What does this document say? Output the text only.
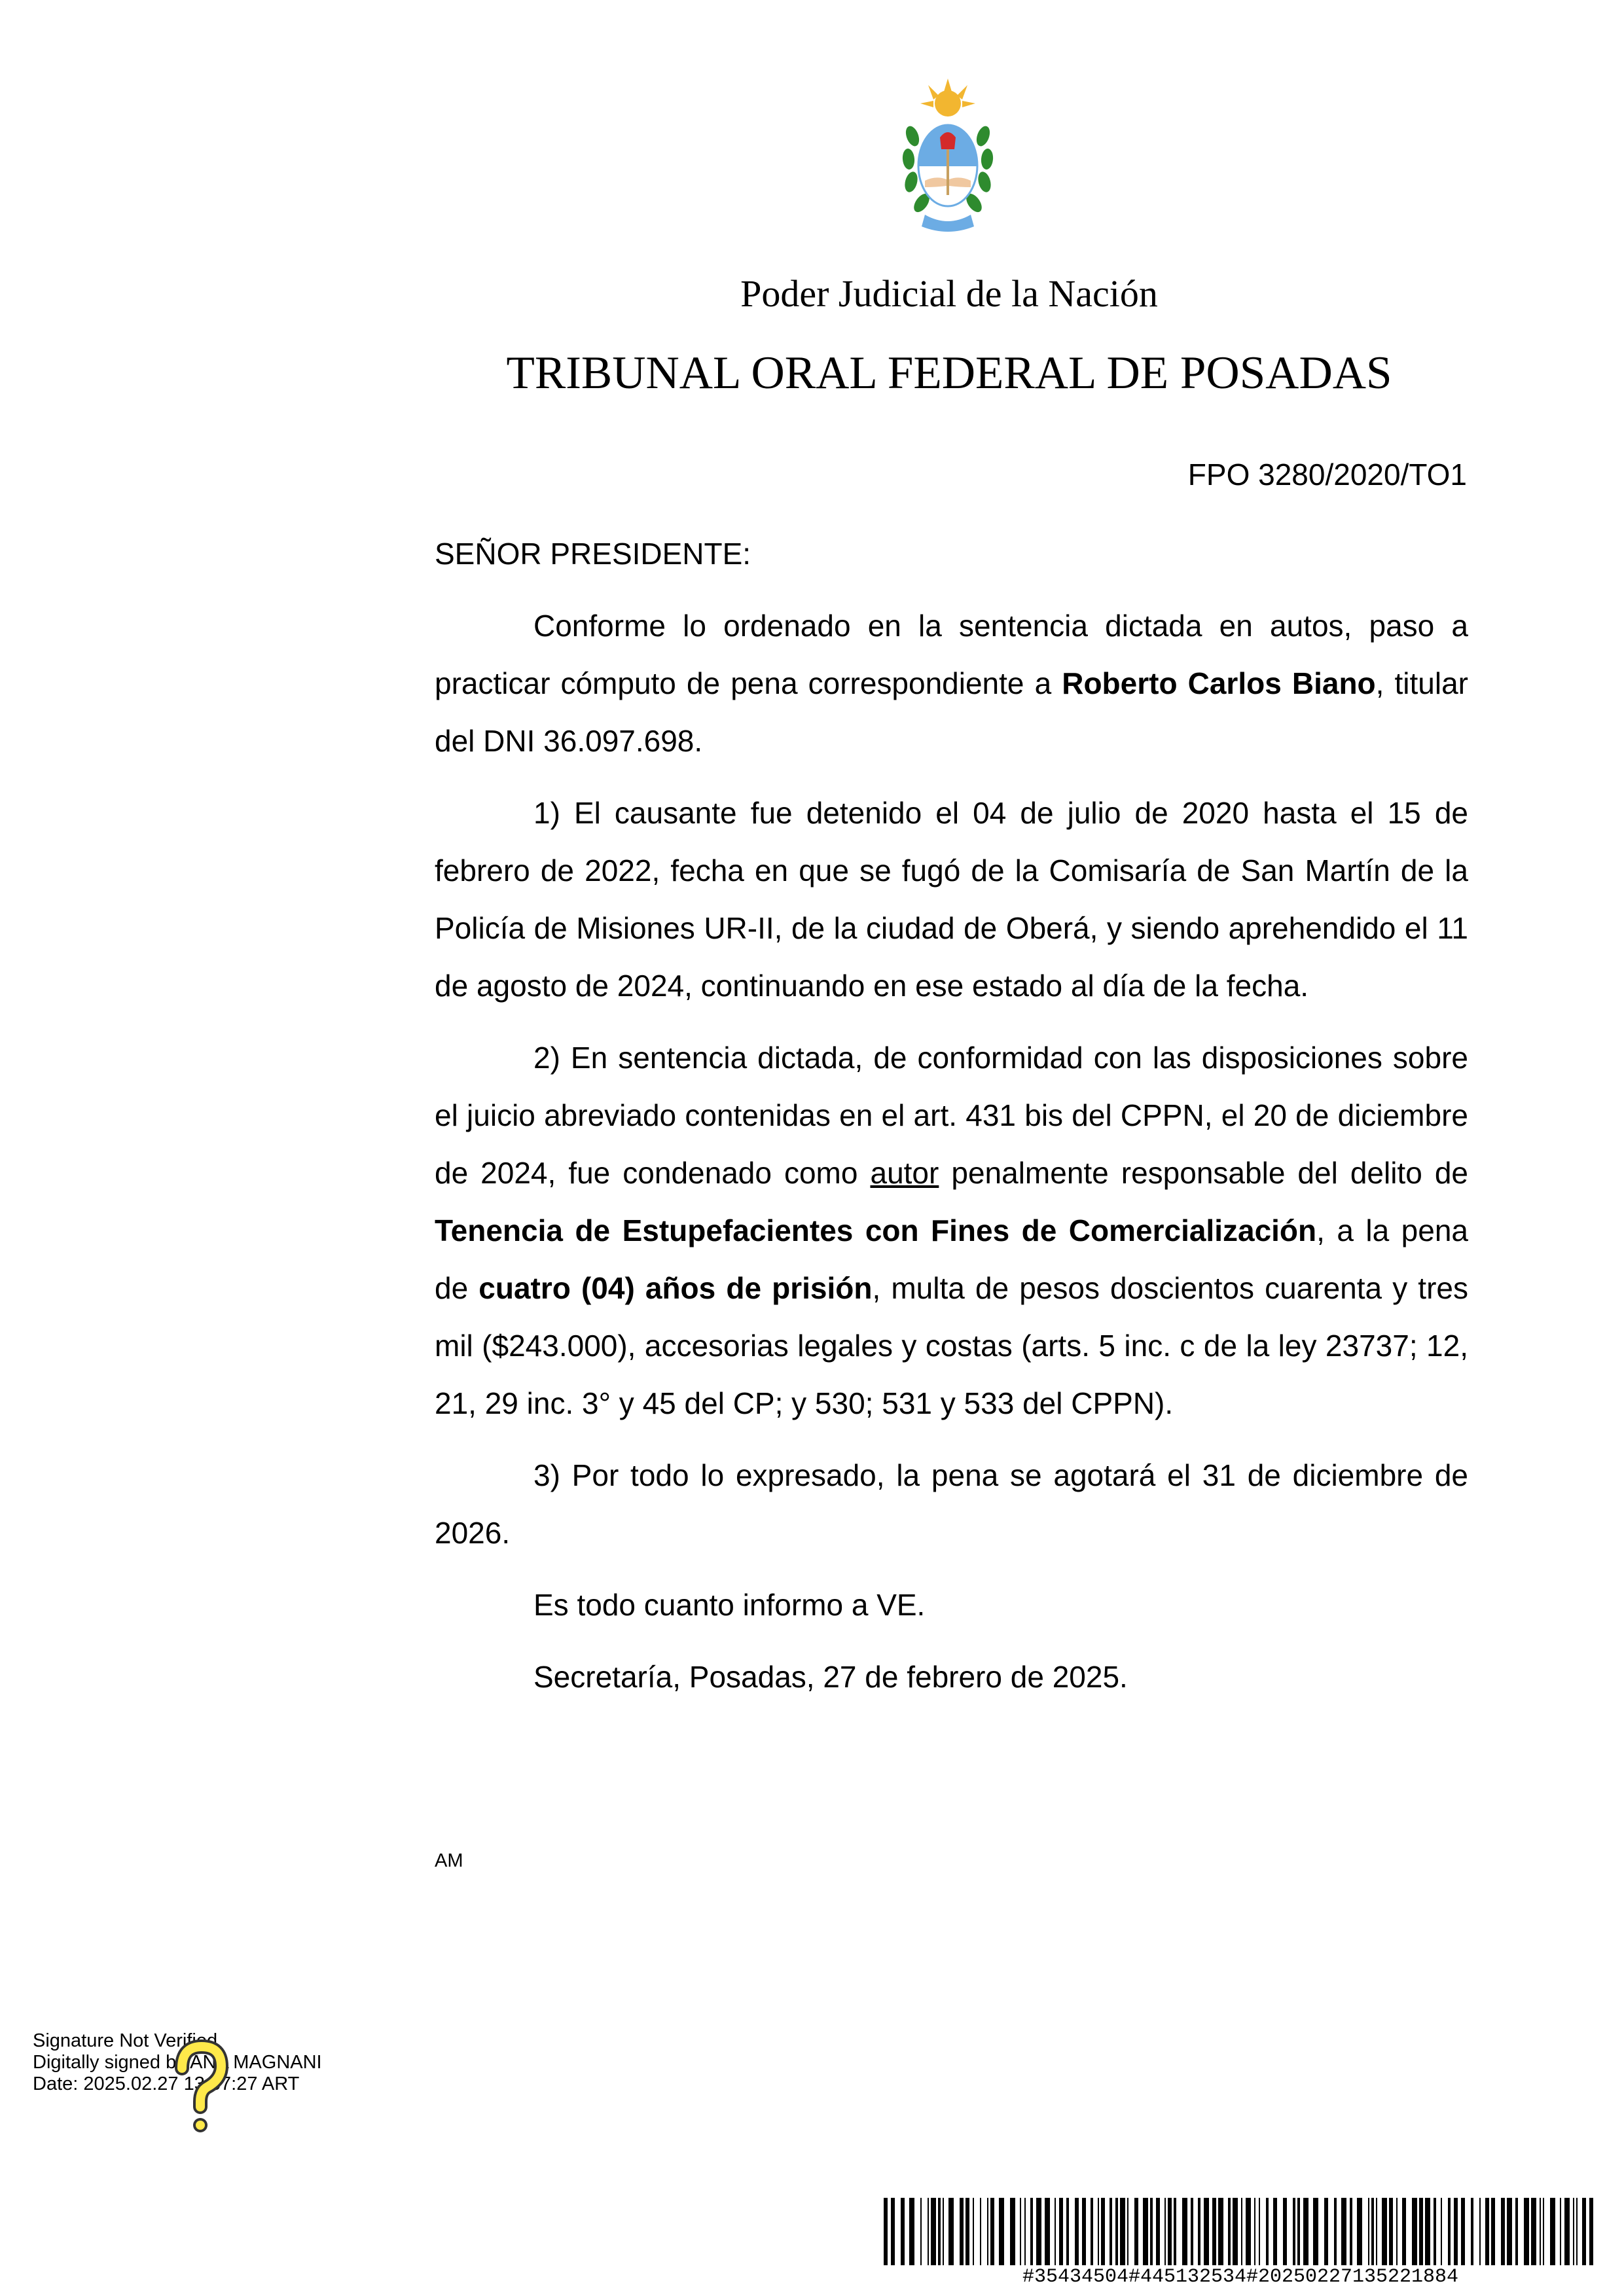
Poder Judicial de la Nación
TRIBUNAL ORAL FEDERAL DE POSADAS
FPO 3280/2020/TO1

SEÑOR PRESIDENTE:

Conforme lo ordenado en la sentencia dictada en autos, paso a practicar cómputo de pena correspondiente a Roberto Carlos Biano, titular del DNI 36.097.698.

1) El causante fue detenido el 04 de julio de 2020 hasta el 15 de febrero de 2022, fecha en que se fugó de la Comisaría de San Martín de la Policía de Misiones UR-II, de la ciudad de Oberá, y siendo aprehendido el 11 de agosto de 2024, continuando en ese estado al día de la fecha.

2) En sentencia dictada, de conformidad con las disposiciones sobre el juicio abreviado contenidas en el art. 431 bis del CPPN, el 20 de diciembre de 2024, fue condenado como autor penalmente responsable del delito de Tenencia de Estupefacientes con Fines de Comercialización, a la pena de cuatro (04) años de prisión, multa de pesos doscientos cuarenta y tres mil ($243.000), accesorias legales y costas (arts. 5 inc. c de la ley 23737; 12, 21, 29 inc. 3° y 45 del CP; y 530; 531 y 533 del CPPN).

3) Por todo lo expresado, la pena se agotará el 31 de diciembre de 2026.

Es todo cuanto informo a VE.

Secretaría, Posadas, 27 de febrero de 2025.

AM
Signature Not Verified
Digitally signed by ANA MAGNANI
Date: 2025.02.27 13:57:27 ART
#35434504#445132534#20250227135221884
